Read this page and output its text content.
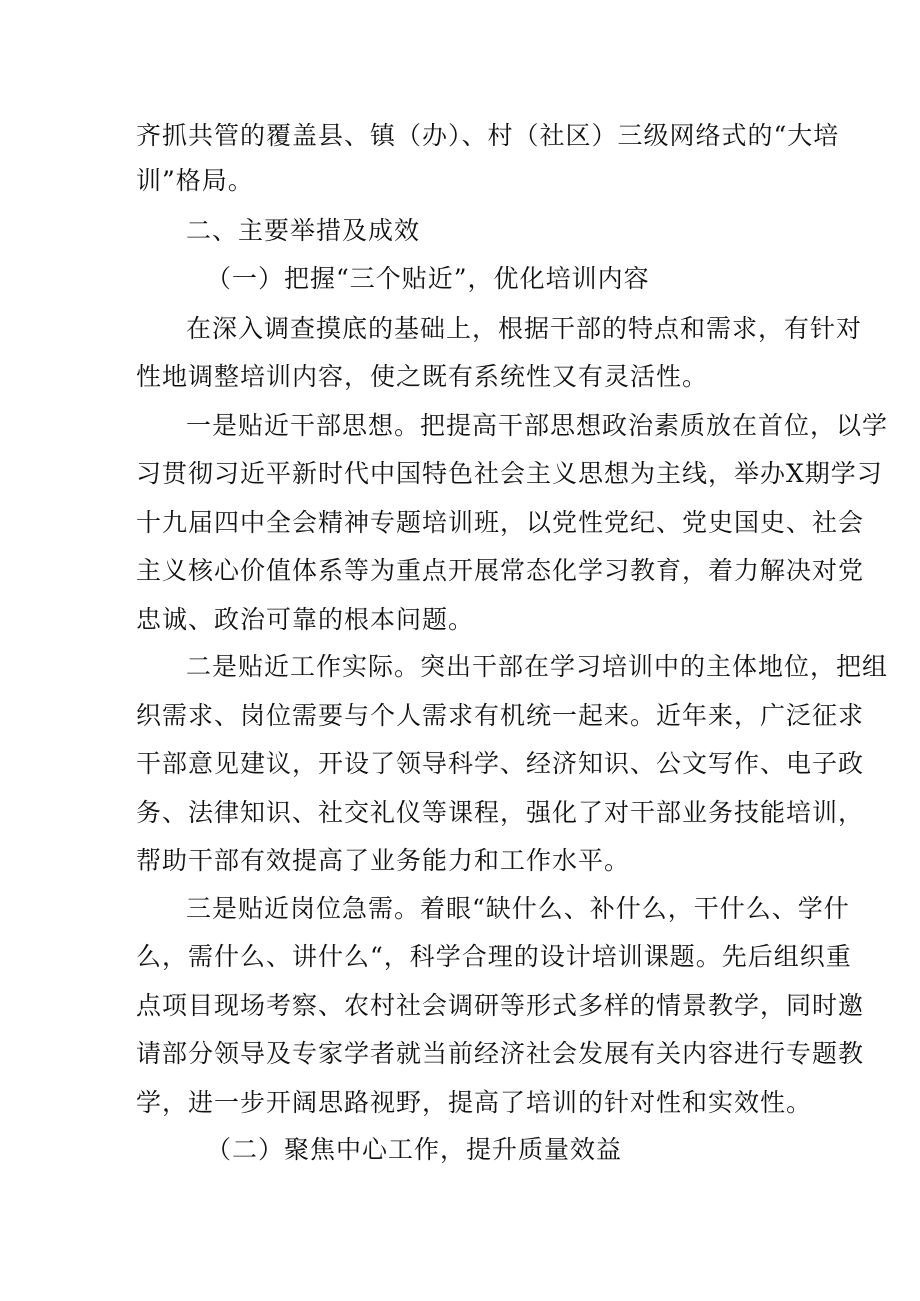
齐抓共管的覆盖县、镇（办）、村（社区）三级网络式的“大培
训”格局。
二、主要举措及成效
（一）把握“三个贴近”，优化培训内容
在深入调查摸底的基础上，根据干部的特点和需求，有针对
性地调整培训内容，使之既有系统性又有灵活性。
一是贴近干部思想。把提高干部思想政治素质放在首位，以学
习贯彻习近平新时代中国特色社会主义思想为主线，举办X期学习
十九届四中全会精神专题培训班，以党性党纪、党史国史、社会
主义核心价值体系等为重点开展常态化学习教育，着力解决对党
忠诚、政治可靠的根本问题。
二是贴近工作实际。突出干部在学习培训中的主体地位，把组
织需求、岗位需要与个人需求有机统一起来。近年来，广泛征求
干部意见建议，开设了领导科学、经济知识、公文写作、电子政
务、法律知识、社交礼仪等课程，强化了对干部业务技能培训，
帮助干部有效提高了业务能力和工作水平。
三是贴近岗位急需。着眼“缺什么、补什么，干什么、学什
么，需什么、讲什么“，科学合理的设计培训课题。先后组织重
点项目现场考察、农村社会调研等形式多样的情景教学，同时邀
请部分领导及专家学者就当前经济社会发展有关内容进行专题教
学，进一步开阔思路视野，提高了培训的针对性和实效性。
（二）聚焦中心工作，提升质量效益
